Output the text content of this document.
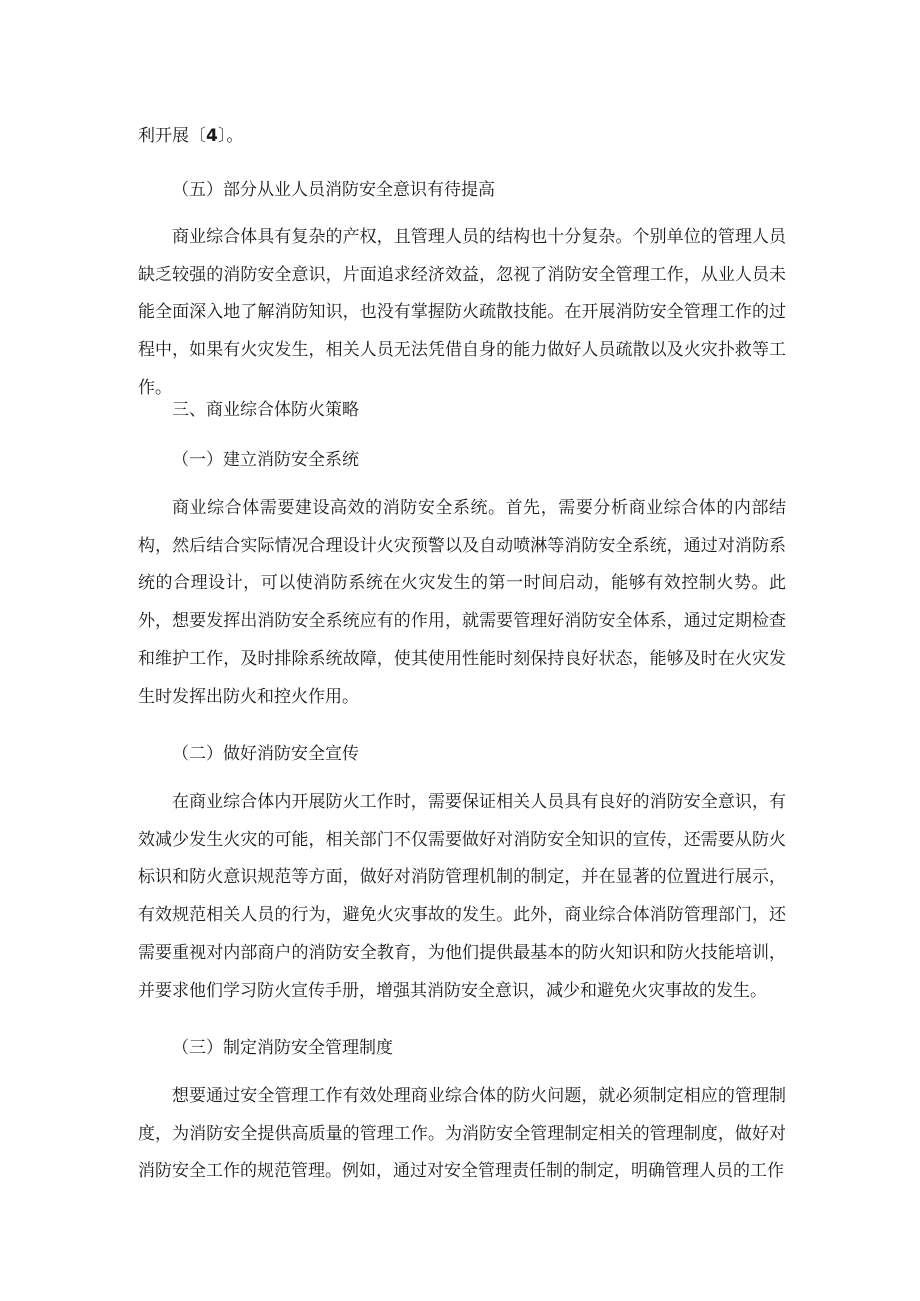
利开展〔4〕。
（五）部分从业人员消防安全意识有待提高

商业综合体具有复杂的产权，且管理人员的结构也十分复杂。个别单位的管理人员缺乏较强的消防安全意识，片面追求经济效益，忽视了消防安全管理工作，从业人员未能全面深入地了解消防知识，也没有掌握防火疏散技能。在开展消防安全管理工作的过程中，如果有火灾发生，相关人员无法凭借自身的能力做好人员疏散以及火灾扑救等工作。

三、商业综合体防火策略
（一）建立消防安全系统

商业综合体需要建设高效的消防安全系统。首先，需要分析商业综合体的内部结构，然后结合实际情况合理设计火灾预警以及自动喷淋等消防安全系统，通过对消防系统的合理设计，可以使消防系统在火灾发生的第一时间启动，能够有效控制火势。此外，想要发挥出消防安全系统应有的作用，就需要管理好消防安全体系，通过定期检查和维护工作，及时排除系统故障，使其使用性能时刻保持良好状态，能够及时在火灾发生时发挥出防火和控火作用。

（二）做好消防安全宣传

在商业综合体内开展防火工作时，需要保证相关人员具有良好的消防安全意识，有效减少发生火灾的可能，相关部门不仅需要做好对消防安全知识的宣传，还需要从防火标识和防火意识规范等方面，做好对消防管理机制的制定，并在显著的位置进行展示，有效规范相关人员的行为，避免火灾事故的发生。此外，商业综合体消防管理部门，还需要重视对内部商户的消防安全教育，为他们提供最基本的防火知识和防火技能培训，并要求他们学习防火宣传手册，增强其消防安全意识，减少和避免火灾事故的发生。

（三）制定消防安全管理制度

想要通过安全管理工作有效处理商业综合体的防火问题，就必须制定相应的管理制度，为消防安全提供高质量的管理工作。为消防安全管理制定相关的管理制度，做好对消防安全工作的规范管理。例如，通过对安全管理责任制的制定，明确管理人员的工作
